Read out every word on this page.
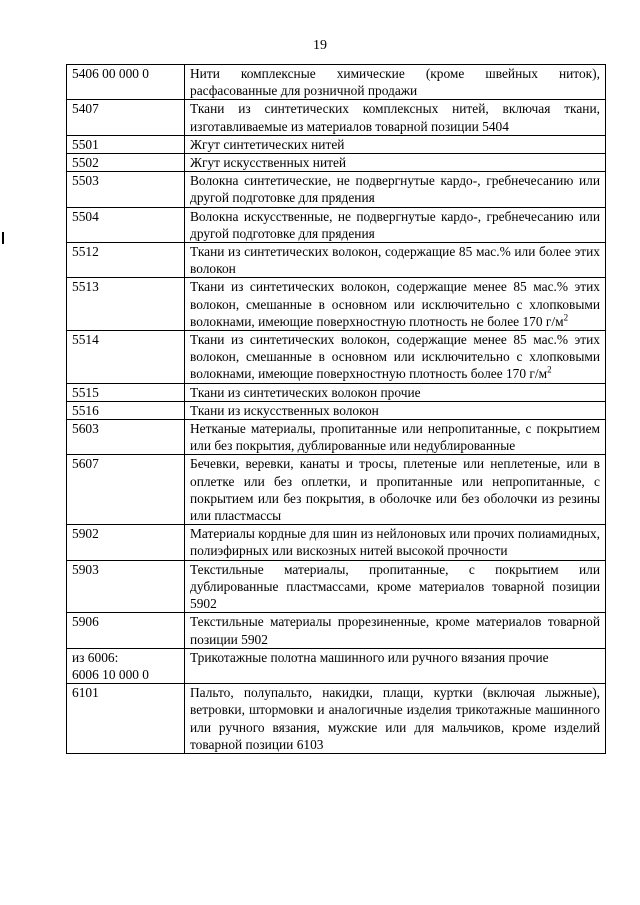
19
5406 00 000 0	Нити комплексные химические (кроме швейных ниток), расфасованные для розничной продажи

5407	Ткани из синтетических комплексных нитей, включая ткани, изготавливаемые из материалов товарной позиции 5404

5501	Жгут синтетических нитей

5502	Жгут искусственных нитей

5503	Волокна синтетические, не подвергнутые кардо-, гребнечесанию или другой подготовке для прядения

5504	Волокна искусственные, не подвергнутые кардо-, гребнечесанию или другой подготовке для прядения

5512	Ткани из синтетических волокон, содержащие 85 мас.% или более этих волокон

5513	Ткани из синтетических волокон, содержащие менее 85 мас.% этих волокон, смешанные в основном или исключительно с хлопковыми волокнами, имеющие поверхностную плотность не более 170 $г/м^2$

5514	Ткани из синтетических волокон, содержащие менее 85 мас.% этих волокон, смешанные в основном или исключительно с хлопковыми волокнами, имеющие поверхностную плотность более 170 $г/м^2$

5515	Ткани из синтетических волокон прочие

5516	Ткани из искусственных волокон

5603	Нетканые материалы, пропитанные или непропитанные, с покрытием или без покрытия, дублированные или недублированные

5607	Бечевки, веревки, канаты и тросы, плетеные или неплетеные, или в оплетке или без оплетки, и пропитанные или непропитанные, с покрытием или без покрытия, в оболочке или без оболочки из резины или пластмассы

5902	Материалы кордные для шин из нейлоновых или прочих полиамидных, полиэфирных или вискозных нитей высокой прочности

5903	Текстильные материалы, пропитанные, с покрытием или дублированные пластмассами, кроме материалов товарной позиции 5902

5906	Текстильные материалы прорезиненные, кроме материалов товарной позиции 5902

из 6006:
6006 10 000 0	Трикотажные полотна машинного или ручного вязания прочие

6101	Пальто, полупальто, накидки, плащи, куртки (включая лыжные), ветровки, штормовки и аналогичные изделия трикотажные машинного или ручного вязания, мужские или для мальчиков, кроме изделий товарной позиции 6103
